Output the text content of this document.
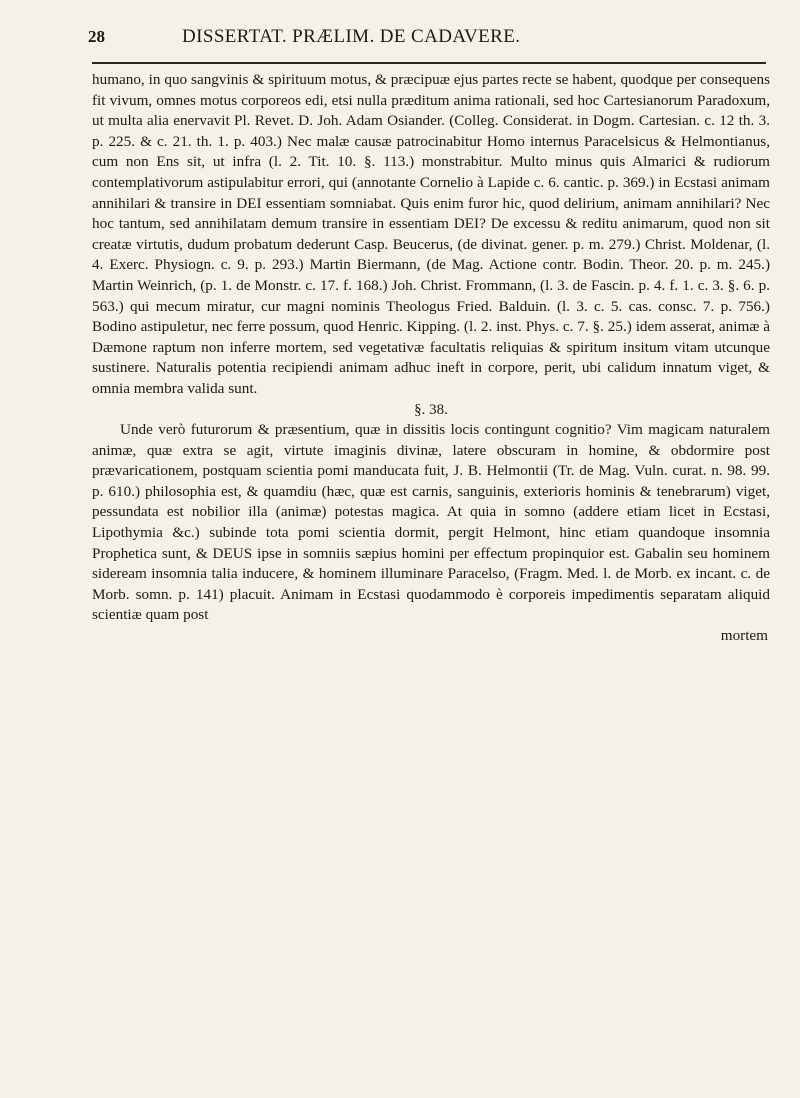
28	DISSERTAT. PRÆLIM. DE CADAVERE.

humano, in quo sangvinis & spirituum motus, & præcipuæ ejus partes recte se habent, quodque per consequens fit vivum, omnes motus corporeos edi, etsi nulla præditum anima rationali, sed hoc Cartesianorum Paradoxum, ut multa alia enervavit Pl. Revet. D. Joh. Adam Osiander. (Colleg. Considerat. in Dogm. Cartesian. c. 12 th. 3. p. 225. & c. 21. th. 1. p. 403.) Nec malæ causæ patrocinabitur Homo internus Paracelsicus & Helmontianus, cum non Ens sit, ut infra (l. 2. Tit. 10. §. 113.) monstrabitur. Multo minus quis Almarici & rudiorum contemplativorum astipulabitur errori, qui (annotante Cornelio à Lapide c. 6. cantic. p. 369.) in Ecstasi animam annihilari & transire in DEI essentiam somniabat. Quis enim furor hic, quod delirium, animam annihilari? Nec hoc tantum, sed annihilatam demum transire in essentiam DEI? De excessu & reditu animarum, quod non sit creatæ virtutis, dudum probatum dederunt Casp. Beucerus, (de divinat. gener. p. m. 279.) Christ. Moldenar, (l. 4. Exerc. Physiogn. c. 9. p. 293.) Martin Biermann, (de Mag. Actione contr. Bodin. Theor. 20. p. m. 245.) Martin Weinrich, (p. 1. de Monstr. c. 17. f. 168.) Joh. Christ. Frommann, (l. 3. de Fascin. p. 4. f. 1. c. 3. §. 6. p. 563.) qui mecum miratur, cur magni nominis Theologus Fried. Balduin. (l. 3. c. 5. cas. consc. 7. p. 756.) Bodino astipuletur, nec ferre possum, quod Henric. Kipping. (l. 2. inst. Phys. c. 7. §. 25.) idem asserat, animæ à Dæmone raptum non inferre mortem, sed vegetativæ facultatis reliquias & spiritum insitum vitam utcunque sustinere. Naturalis potentia recipiendi animam adhuc ineft in corpore, perit, ubi calidum innatum viget, & omnia membra valida sunt.

§. 38.

Unde verò futurorum & præsentium, quæ in dissitis locis contingunt cognitio? Vim magicam naturalem animæ, quæ extra se agit, virtute imaginis divinæ, latere obscuram in homine, & obdormire post prævaricationem, postquam scientia pomi manducata fuit, J. B. Helmontii (Tr. de Mag. Vuln. curat. n. 98. 99. p. 610.) philosophia est, & quamdiu (hæc, quæ est carnis, sanguinis, exterioris hominis & tenebrarum) viget, pessundata est nobilior illa (animæ) potestas magica. At quia in somno (addere etiam licet in Ecstasi, Lipothymia &c.) subinde tota pomi scientia dormit, pergit Helmont, hinc etiam quandoque insomnia Prophetica sunt, & DEUS ipse in somniis sæpius homini per effectum propinquior est. Gabalin seu hominem sideream insomnia talia inducere, & hominem illuminare Paracelso, (Fragm. Med. l. de Morb. ex incant. c. de Morb. somn. p. 141) placuit. Animam in Ecstasi quodammodo è corporeis impedimentis separatam aliquid scientiæ quam post

mortem
